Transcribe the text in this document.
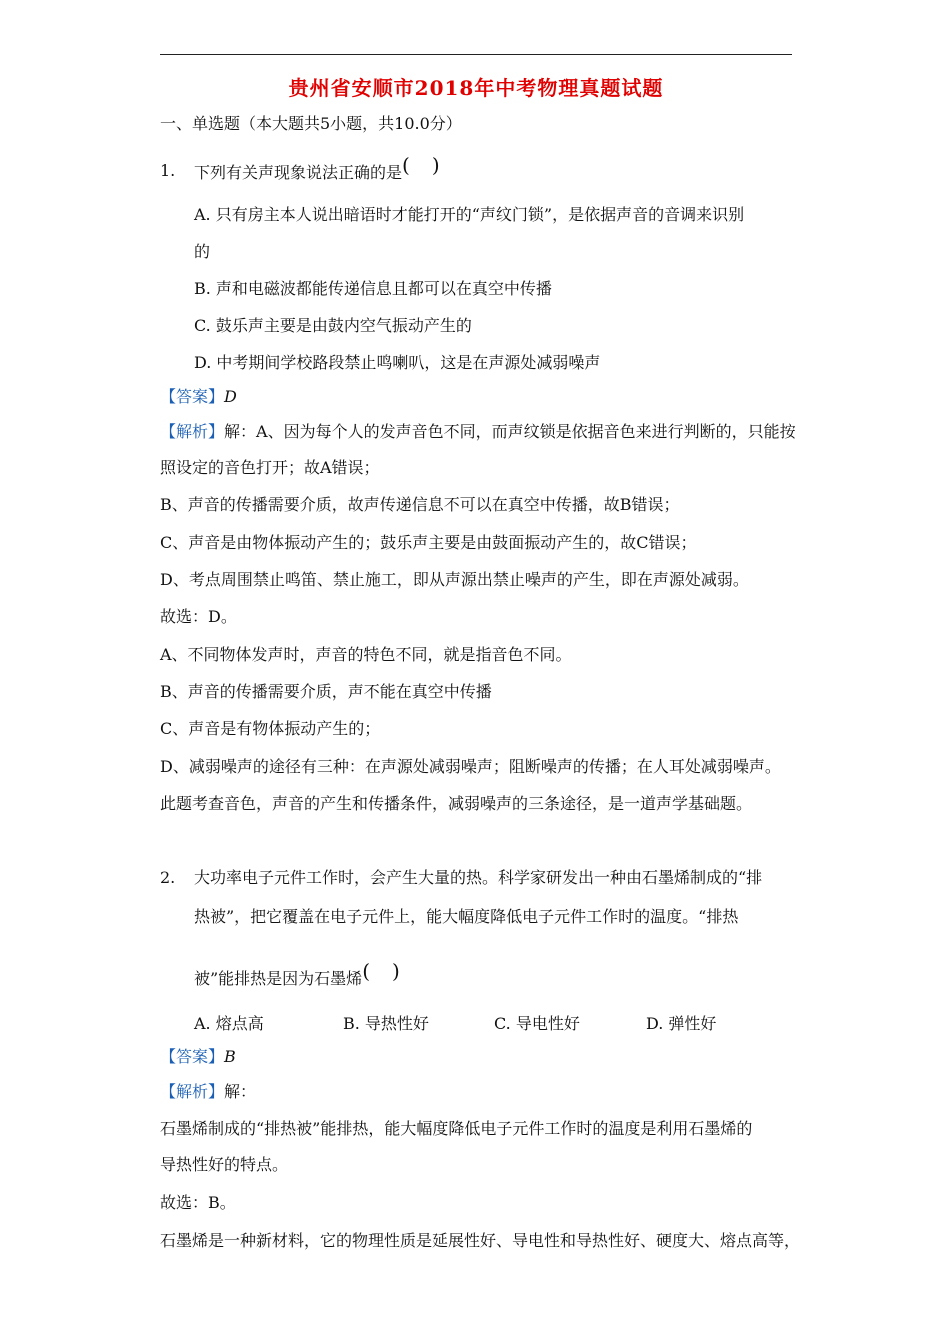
贵州省安顺市2018年中考物理真题试题
一、单选题（本大题共5小题，共10.0分）
1. 下列有关声现象说法正确的是( )
A. 只有房主本人说出暗语时才能打开的“声纹门锁”，是依据声音的音调来识别
的
B. 声和电磁波都能传递信息且都可以在真空中传播
C. 鼓乐声主要是由鼓内空气振动产生的
D. 中考期间学校路段禁止鸣喇叭，这是在声源处减弱噪声
【答案】D
【解析】解：A、因为每个人的发声音色不同，而声纹锁是依据音色来进行判断的，只能按
照设定的音色打开；故A错误；
B、声音的传播需要介质，故声传递信息不可以在真空中传播，故B错误；
C、声音是由物体振动产生的；鼓乐声主要是由鼓面振动产生的，故C错误；
D、考点周围禁止鸣笛、禁止施工，即从声源出禁止噪声的产生，即在声源处减弱。
故选：D。
A、不同物体发声时，声音的特色不同，就是指音色不同。
B、声音的传播需要介质，声不能在真空中传播
C、声音是有物体振动产生的；
D、减弱噪声的途径有三种：在声源处减弱噪声；阻断噪声的传播；在人耳处减弱噪声。
此题考查音色，声音的产生和传播条件，减弱噪声的三条途径，是一道声学基础题。
2. 大功率电子元件工作时，会产生大量的热。科学家研发出一种由石墨烯制成的“排
热被”，把它覆盖在电子元件上，能大幅度降低电子元件工作时的温度。“排热
被”能排热是因为石墨烯( )
A. 熔点高	B. 导热性好	C. 导电性好	D. 弹性好
【答案】B
【解析】解：
石墨烯制成的“排热被”能排热，能大幅度降低电子元件工作时的温度是利用石墨烯的
导热性好的特点。
故选：B。
石墨烯是一种新材料，它的物理性质是延展性好、导电性和导热性好、硬度大、熔点高等，
